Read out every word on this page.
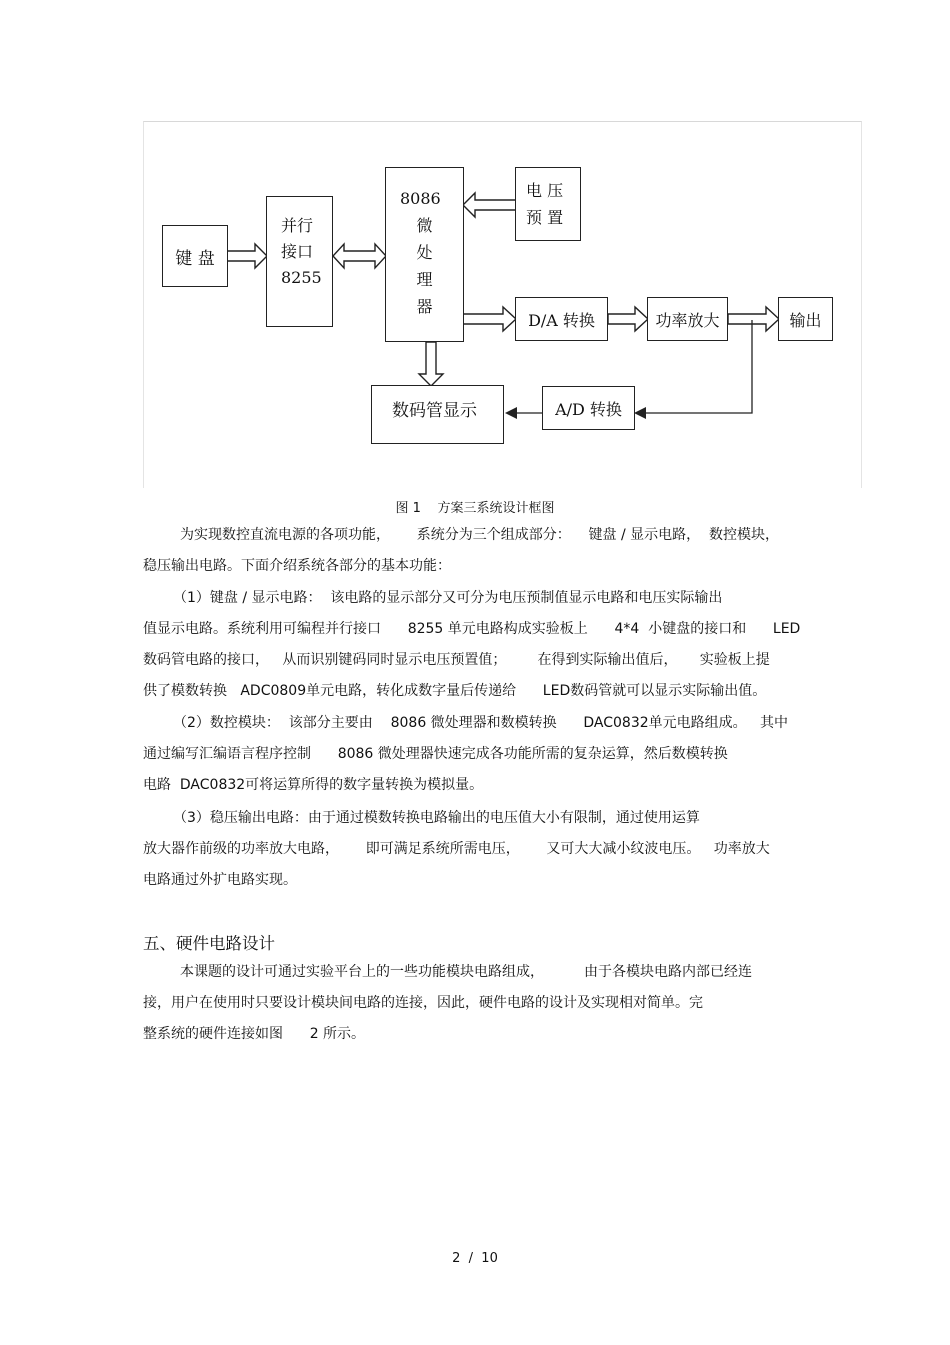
键 盘
并行
接口
8255
8086
微
处
理
器
电 压
预 置
D/A 转换	功率放大	输出
数码管显示	A/D 转换
图 1    方案三系统设计框图
为实现数控直流电源的各项功能，      系统分为三个组成部分：    键盘 / 显示电路，  数控模块，
稳压输出电路。下面介绍系统各部分的基本功能：
（1）键盘 / 显示电路：  该电路的显示部分又可分为电压预制值显示电路和电压实际输出
值显示电路。系统利用可编程并行接口      8255 单元电路构成实验板上      4*4  小键盘的接口和      LED
数码管电路的接口，   从而识别键码同时显示电压预置值；       在得到实际输出值后，     实验板上提
供了模数转换   ADC0809单元电路，转化成数字量后传递给      LED数码管就可以显示实际输出值。
（2）数控模块：  该部分主要由    8086 微处理器和数模转换      DAC0832单元电路组成。   其中
通过编写汇编语言程序控制      8086 微处理器快速完成各功能所需的复杂运算，然后数模转换
电路  DAC0832可将运算所得的数字量转换为模拟量。
（3）稳压输出电路：由于通过模数转换电路输出的电压值大小有限制，通过使用运算
放大器作前级的功率放大电路，      即可满足系统所需电压，      又可大大减小纹波电压。   功率放大
电路通过外扩电路实现。
五、硬件电路设计
本课题的设计可通过实验平台上的一些功能模块电路组成，         由于各模块电路内部已经连
接，用户在使用时只要设计模块间电路的连接，因此，硬件电路的设计及实现相对简单。完
整系统的硬件连接如图      2 所示。
2  /  10
